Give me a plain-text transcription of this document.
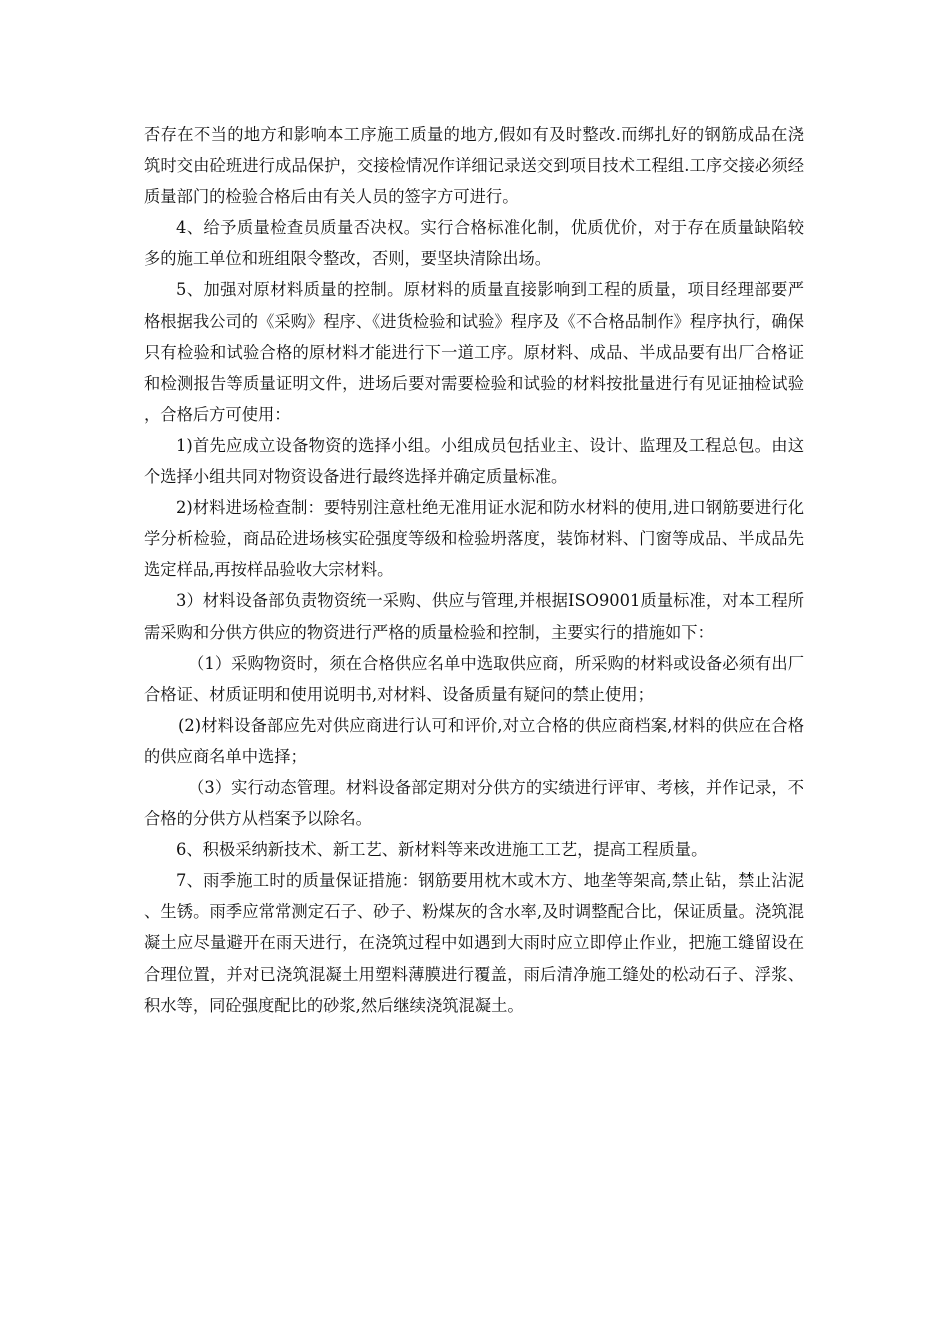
否存在不当的地方和影响本工序施工质量的地方,假如有及时整改.而绑扎好的钢筋成品在浇筑时交由砼班进行成品保护，交接检情况作详细记录送交到项目技术工程组.工序交接必须经质量部门的检验合格后由有关人员的签字方可进行。

4、给予质量检查员质量否决权。实行合格标准化制，优质优价，对于存在质量缺陷较多的施工单位和班组限令整改，否则，要坚块清除出场。

5、加强对原材料质量的控制。原材料的质量直接影响到工程的质量，项目经理部要严格根据我公司的《采购》程序、《进货检验和试验》程序及《不合格品制作》程序执行，确保只有检验和试验合格的原材料才能进行下一道工序。原材料、成品、半成品要有出厂合格证和检测报告等质量证明文件，进场后要对需要检验和试验的材料按批量进行有见证抽检试验，合格后方可使用：

1)首先应成立设备物资的选择小组。小组成员包括业主、设计、监理及工程总包。由这个选择小组共同对物资设备进行最终选择并确定质量标准。

2)材料进场检查制：要特别注意杜绝无准用证水泥和防水材料的使用,进口钢筋要进行化学分析检验，商品砼进场核实砼强度等级和检验坍落度，装饰材料、门窗等成品、半成品先选定样品,再按样品验收大宗材料。

3）材料设备部负责物资统一采购、供应与管理,并根据ISO9001质量标准，对本工程所需采购和分供方供应的物资进行严格的质量检验和控制，主要实行的措施如下：

（1）采购物资时，须在合格供应名单中选取供应商，所采购的材料或设备必须有出厂合格证、材质证明和使用说明书,对材料、设备质量有疑问的禁止使用；

(2)材料设备部应先对供应商进行认可和评价,对立合格的供应商档案,材料的供应在合格的供应商名单中选择；

（3）实行动态管理。材料设备部定期对分供方的实绩进行评审、考核，并作记录，不合格的分供方从档案予以除名。

6、积极采纳新技术、新工艺、新材料等来改进施工工艺，提高工程质量。

7、雨季施工时的质量保证措施：钢筋要用枕木或木方、地垄等架高,禁止钻，禁止沾泥、生锈。雨季应常常测定石子、砂子、粉煤灰的含水率,及时调整配合比，保证质量。浇筑混凝土应尽量避开在雨天进行，在浇筑过程中如遇到大雨时应立即停止作业，把施工缝留设在合理位置，并对已浇筑混凝土用塑料薄膜进行覆盖，雨后清净施工缝处的松动石子、浮浆、积水等，同砼强度配比的砂浆,然后继续浇筑混凝土。
